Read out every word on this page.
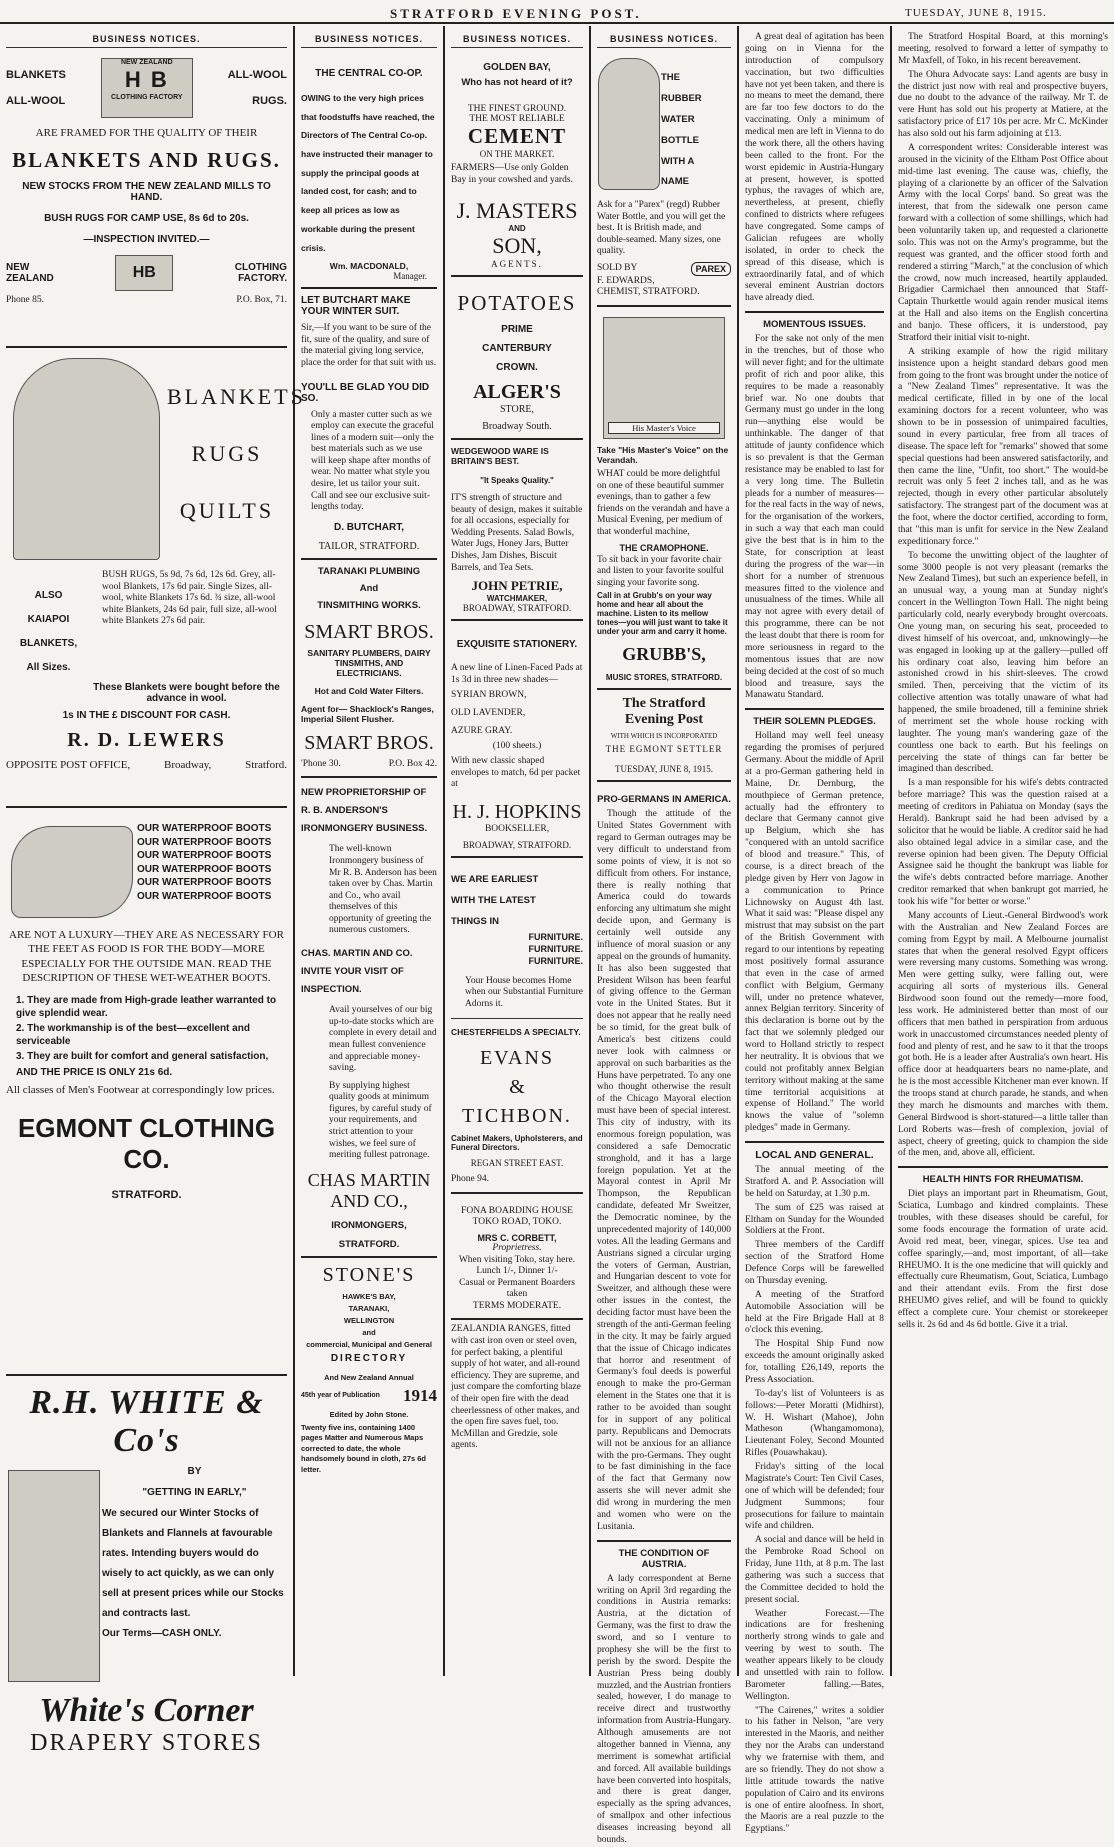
STRATFORD EVENING POST.	TUESDAY, JUNE 8, 1915.
BUSINESS NOTICES.
BLANKETS
ALL-WOOL
NEW ZEALAND
H B
CLOTHING FACTORY
ALL-WOOL
RUGS.
ARE FRAMED FOR THE QUALITY OF THEIR
BLANKETS AND RUGS.
NEW STOCKS FROM THE NEW ZEALAND MILLS TO HAND.
BUSH RUGS FOR CAMP USE, 8s 6d to 20s.
—INSPECTION INVITED.—
NEW
ZEALAND	HB	CLOTHING
FACTORY.
Phone 85.	P.O. Box, 71.
BLANKETS
RUGS
QUILTS
ALSO
KAIAPOI
BLANKETS,
All Sizes.
BUSH RUGS, 5s 9d, 7s 6d, 12s 6d. Grey, all-wool Blankets, 17s 6d pair. Single Sizes, all-wool, white Blankets 17s 6d. ¾ size, all-wool white Blankets, 24s 6d pair, full size, all-wool white Blankets 27s 6d pair.
These Blankets were bought before the advance in wool.
1s IN THE £ DISCOUNT FOR CASH.
R. D. LEWERS
OPPOSITE POST OFFICE,	Broadway,	Stratford.
OUR WATERPROOF BOOTS
OUR WATERPROOF BOOTS
OUR WATERPROOF BOOTS
OUR WATERPROOF BOOTS
OUR WATERPROOF BOOTS
OUR WATERPROOF BOOTS
ARE NOT A LUXURY—THEY ARE AS NECESSARY FOR THE FEET AS FOOD IS FOR THE BODY—MORE ESPECIALLY FOR THE OUTSIDE MAN. READ THE DESCRIPTION OF THESE WET-WEATHER BOOTS.
1. They are made from High-grade leather warranted to give splendid wear.
2. The workmanship is of the best—excellent and serviceable
3. They are built for comfort and general satisfaction,
AND THE PRICE IS ONLY 21s 6d.
All classes of Men's Footwear at correspondingly low prices.
EGMONT CLOTHING CO.
STRATFORD.
R.H. WHITE & Co's
BY
"GETTING IN EARLY,"
We secured our Winter Stocks of Blankets and Flannels at favourable rates. Intending buyers would do wisely to act quickly, as we can only sell at present prices while our Stocks and contracts last.
Our Terms—CASH ONLY.
White's Corner
DRAPERY STORES
BUSINESS NOTICES.
THE CENTRAL CO-OP.
OWING to the very high prices that foodstuffs have reached, the Directors of The Central Co-op. have instructed their manager to supply the principal goods at landed cost, for cash; and to keep all prices as low as workable during the present crisis.
Wm. MACDONALD,
Manager.
LET BUTCHART MAKE YOUR WINTER SUIT.
Sir,—If you want to be sure of the fit, sure of the quality, and sure of the material giving long service, place the order for that suit with us.
YOU'LL BE GLAD YOU DID SO.
Only a master cutter such as we employ can execute the graceful lines of a modern suit—only the best materials such as we use will keep shape after months of wear. No matter what style you desire, let us tailor your suit. Call and see our exclusive suit-lengths today.
D. BUTCHART,
TAILOR, STRATFORD.
TARANAKI PLUMBING
And
TINSMITHING WORKS.
SMART BROS.
SANITARY PLUMBERS, DAIRY TINSMITHS, AND ELECTRICIANS.
Hot and Cold Water Filters.
Agent for— Shacklock's Ranges, Imperial Silent Flusher.
SMART BROS.
'Phone 30.	P.O. Box 42.
NEW PROPRIETORSHIP OF R. B. ANDERSON'S IRONMONGERY BUSINESS.
The well-known Ironmongery business of Mr R. B. Anderson has been taken over by Chas. Martin and Co., who avail themselves of this opportunity of greeting the numerous customers.
CHAS. MARTIN AND CO. INVITE YOUR VISIT OF INSPECTION.
Avail yourselves of our big up-to-date stocks which are complete in every detail and mean fullest convenience and appreciable money-saving.
By supplying highest quality goods at minimum figures, by careful study of your requirements, and strict attention to your wishes, we feel sure of meriting fullest patronage.
CHAS MARTIN AND CO.,
IRONMONGERS,
STRATFORD.
STONE'S
HAWKE'S BAY,
TARANAKI,
WELLINGTON
and
commercial, Municipal and General
DIRECTORY
And New Zealand Annual
45th year of Publication 1914
Edited by John Stone.
Twenty five ins, containing 1400 pages Matter and Numerous Maps corrected to date, the whole handsomely bound in cloth, 27s 6d letter.
BUSINESS NOTICES.
GOLDEN BAY,
Who has not heard of it?
THE FINEST GROUND.
THE MOST RELIABLE
CEMENT
ON THE MARKET.
FARMERS—Use only Golden Bay in your cowshed and yards.
J. MASTERS
AND
SON,
AGENTS.
POTATOES
PRIME
CANTERBURY
CROWN.
ALGER'S
STORE,
Broadway South.
WEDGEWOOD WARE IS BRITAIN'S BEST.
"It Speaks Quality."
IT'S strength of structure and beauty of design, makes it suitable for all occasions, especially for Wedding Presents. Salad Bowls, Water Jugs, Honey Jars, Butter Dishes, Jam Dishes, Biscuit Barrels, and Tea Sets.
JOHN PETRIE,
WATCHMAKER,
BROADWAY, STRATFORD.
EXQUISITE STATIONERY.
A new line of Linen-Faced Pads at 1s 3d in three new shades—
SYRIAN BROWN,
OLD LAVENDER,
AZURE GRAY.
(100 sheets.)
With new classic shaped envelopes to match, 6d per packet at
H. J. HOPKINS
BOOKSELLER,
BROADWAY, STRATFORD.
WE ARE EARLIEST
WITH THE LATEST
THINGS IN
FURNITURE.
FURNITURE.
FURNITURE.
Your House becomes Home when our Substantial Furniture Adorns it.
CHESTERFIELDS A SPECIALTY.
EVANS
&
TICHBON.
Cabinet Makers, Upholsterers, and Funeral Directors.
REGAN STREET EAST.
Phone 94.
FONA BOARDING HOUSE TOKO ROAD, TOKO.
MRS C. CORBETT,
Proprietress.
When visiting Toko, stay here. Lunch 1/-, Dinner 1/-
Casual or Permanent Boarders taken
TERMS MODERATE.
ZEALANDIA RANGES, fitted with cast iron oven or steel oven, for perfect baking, a plentiful supply of hot water, and all-round efficiency. They are supreme, and just compare the comforting blaze of their open fire with the dead cheerlessness of other makes, and the open fire saves fuel, too. McMillan and Gredzie, sole agents.
BUSINESS NOTICES.
THE
RUBBER
WATER
BOTTLE
WITH A
NAME
Ask for a "Parex" (regd) Rubber Water Bottle, and you will get the best. It is British made, and double-seamed. Many sizes, one quality.
SOLD BY	PAREX
F. EDWARDS,
CHEMIST, STRATFORD.
His Master's Voice
Take "His Master's Voice" on the Verandah.
WHAT could be more delightful on one of these beautiful summer evenings, than to gather a few friends on the verandah and have a Musical Evening, per medium of that wonderful machine,
THE CRAMOPHONE.
To sit back in your favorite chair and listen to your favorite soulful singing your favorite song.
Call in at Grubb's on your way home and hear all about the machine. Listen to its mellow tones—you will just want to take it under your arm and carry it home.
GRUBB'S,
MUSIC STORES, STRATFORD.
The Stratford Evening Post
WITH WHICH IS INCORPORATED
THE EGMONT SETTLER
TUESDAY, JUNE 8, 1915.
PRO-GERMANS IN AMERICA.

Though the attitude of the United States Government with regard to German outrages may be very difficult to understand from some points of view, it is not so difficult from others. For instance, there is really nothing that America could do towards enforcing any ultimatum she might decide upon, and Germany is certainly well outside any influence of moral suasion or any appeal on the grounds of humanity. It has also been suggested that President Wilson has been fearful of giving offence to the German vote in the United States. But it does not appear that he really need be so timid, for the great bulk of America's best citizens could never look with calmness or approval on such barbarities as the Huns have perpetrated. To any one who thought otherwise the result of the Chicago Mayoral election must have been of special interest. This city of industry, with its enormous foreign population, was considered a safe Democratic stronghold, and it has a large foreign population. Yet at the Mayoral contest in April Mr Thompson, the Republican candidate, defeated Mr Sweitzer, the Democratic nominee, by the unprecedented majority of 140,000 votes. All the leading Germans and Austrians signed a circular urging the voters of German, Austrian, and Hungarian descent to vote for Sweitzer, and although these were other issues in the contest, the deciding factor must have been the strength of the anti-German feeling in the city. It may be fairly argued that the issue of Chicago indicates that horror and resentment of Germany's foul deeds is powerful enough to make the pro-German element in the States one that it is rather to be avoided than sought for in support of any political party. Republicans and Democrats will not be anxious for an alliance with the pro-Germans. They ought to be fast diminishing in the face of the fact that Germany now asserts she will never admit she did wrong in murdering the men and women who were on the Lusitania.

THE CONDITION OF AUSTRIA.

A lady correspondent at Berne writing on April 3rd regarding the conditions in Austria remarks: Austria, at the dictation of Germany, was the first to draw the sword, and so I venture to prophesy she will be the first to perish by the sword. Despite the Austrian Press being doubly muzzled, and the Austrian frontiers sealed, however, I do manage to receive direct and trustworthy information from Austria-Hungary. Although amusements are not altogether banned in Vienna, any merriment is somewhat artificial and forced. All available buildings have been converted into hospitals, and there is great danger, especially as the spring advances, of smallpox and other infectious diseases increasing beyond all bounds.

A great deal of agitation has been going on in Vienna for the introduction of compulsory vaccination, but two difficulties have not yet been taken, and there is no means to meet the demand, there are far too few doctors to do the vaccinating. Only a minimum of medical men are left in Vienna to do the work there, all the others having been called to the front. For the worst epidemic in Austria-Hungary at present, however, is spotted typhus, the ravages of which are, nevertheless, at present, chiefly confined to districts where refugees have congregated. Some camps of Galician refugees are wholly isolated, in order to check the spread of this disease, which is extraordinarily fatal, and of which several eminent Austrian doctors have already died.

MOMENTOUS ISSUES.

For the sake not only of the men in the trenches, but of those who will never fight; and for the ultimate profit of rich and poor alike, this requires to be made a reasonably brief war. No one doubts that Germany must go under in the long run—anything else would be unthinkable. The danger of that attitude of jaunty confidence which is so prevalent is that the German resistance may be enabled to last for a very long time. The Bulletin pleads for a number of measures—for the real facts in the way of news, for the organisation of the workers, in such a way that each man could give the best that is in him to the State, for conscription at least during the progress of the war—in short for a number of strenuous measures fitted to the violence and unusualness of the times. While all may not agree with every detail of this programme, there can be not the least doubt that there is room for more seriousness in regard to the momentous issues that are now being decided at the cost of so much blood and treasure, says the Manawatu Standard.

THEIR SOLEMN PLEDGES.

Holland may well feel uneasy regarding the promises of perjured Germany. About the middle of April at a pro-German gathering held in Maine, Dr. Dernburg, the mouthpiece of German pretence, actually had the effrontery to declare that Germany cannot give up Belgium, which she has "conquered with an untold sacrifice of blood and treasure." This, of course, is a direct breach of the pledge given by Herr von Jagow in a communication to Prince Lichnowsky on August 4th last. What it said was: "Please dispel any mistrust that may subsist on the part of the British Government with regard to our intentions by repeating most positively formal assurance that even in the case of armed conflict with Belgium, Germany will, under no pretence whatever, annex Belgian territory. Sincerity of this declaration is borne out by the fact that we solemnly pledged our word to Holland strictly to respect her neutrality. It is obvious that we could not profitably annex Belgian territory without making at the same time territorial acquisitions at expense of Holland." The world knows the value of "solemn pledges" made in Germany.

LOCAL AND GENERAL.

The annual meeting of the Stratford A. and P. Association will be held on Saturday, at 1.30 p.m.

The sum of £25 was raised at Eltham on Sunday for the Wounded Soldiers at the Front.

Three members of the Cardiff section of the Stratford Home Defence Corps will be farewelled on Thursday evening.

A meeting of the Stratford Automobile Association will be held at the Fire Brigade Hall at 8 o'clock this evening.

The Hospital Ship Fund now exceeds the amount originally asked for, totalling £26,149, reports the Press Association.

To-day's list of Volunteers is as follows:—Peter Moratti (Midhirst), W. H. Wishart (Mahoe), John Matheson (Whangamomona), Lieutenant Foley, Second Mounted Rifles (Pouawhakau).

Friday's sitting of the local Magistrate's Court: Ten Civil Cases, one of which will be defended; four Judgment Summons; four prosecutions for failure to maintain wife and children.

A social and dance will be held in the Pembroke Road School on Friday, June 11th, at 8 p.m. The last gathering was such a success that the Committee decided to hold the present social.

Weather Forecast.—The indications are for freshening northerly strong winds to gale and veering by west to south. The weather appears likely to be cloudy and unsettled with rain to follow. Barometer falling.—Bates, Wellington.

"The Cairenes," writes a soldier to his father in Nelson, "are very interested in the Maoris, and neither they nor the Arabs can understand why we fraternise with them, and are so friendly. They do not show a little attitude towards the native population of Cairo and its environs is one of entire aloofness. In short, the Maoris are a real puzzle to the Egyptians."

The Stratford Hospital Board, at this morning's meeting, resolved to forward a letter of sympathy to Mr Maxfell, of Toko, in his recent bereavement.

The Ohura Advocate says: Land agents are busy in the district just now with real and prospective buyers, due no doubt to the advance of the railway. Mr T. de vere Hunt has sold out his property at Matiere, at the satisfactory price of £17 10s per acre. Mr C. McKinder has also sold out his farm adjoining at £13.

A correspondent writes: Considerable interest was aroused in the vicinity of the Eltham Post Office about mid-time last evening. The cause was, chiefly, the playing of a clarionette by an officer of the Salvation Army with the local Corps' band. So great was the interest, that from the sidewalk one person came forward with a collection of some shillings, which had been voluntarily taken up, and requested a clarionette solo. This was not on the Army's programme, but the request was granted, and the officer stood forth and rendered a stirring "March," at the conclusion of which the crowd, now much increased, heartily applauded. Brigadier Carmichael then announced that Staff-Captain Thurkettle would again render musical items at the Hall and also items on the English concertina and banjo. These officers, it is understood, pay Stratford their initial visit to-night.

A striking example of how the rigid military insistence upon a height standard debars good men from going to the front was brought under the notice of a "New Zealand Times" representative. It was the medical certificate, filled in by one of the local examining doctors for a recent volunteer, who was shown to be in possession of unimpaired faculties, sound in every particular, free from all traces of disease. The space left for "remarks" showed that some special questions had been answered satisfactorily, and then came the line, "Unfit, too short." The would-be recruit was only 5 feet 2 inches tall, and as he was rejected, though in every other particular absolutely satisfactory. The strangest part of the document was at the foot, where the doctor certified, according to form, that "this man is unfit for service in the New Zealand expeditionary force."

To become the unwitting object of the laughter of some 3000 people is not very pleasant (remarks the New Zealand Times), but such an experience befell, in an unusual way, a young man at Sunday night's concert in the Wellington Town Hall. The night being particularly cold, nearly everybody brought overcoats. One young man, on securing his seat, proceeded to divest himself of his overcoat, and, unknowingly—he was engaged in looking up at the gallery—pulled off his ordinary coat also, leaving him before an astonished crowd in his shirt-sleeves. The crowd smiled. Then, perceiving that the victim of its collective attention was totally unaware of what had happened, the smile broadened, till a feminine shriek of merriment set the whole house rocking with laughter. The young man's wandering gaze of the countless one back to earth. But his feelings on perceiving the state of things can far better be imagined than described.

Is a man responsible for his wife's debts contracted before marriage? This was the question raised at a meeting of creditors in Pahiatua on Monday (says the Herald). Bankrupt said he had been advised by a solicitor that he would be liable. A creditor said he had also obtained legal advice in a similar case, and the reverse opinion had been given. The Deputy Official Assignee said he thought the bankrupt was liable for the wife's debts contracted before marriage. Another creditor remarked that when bankrupt got married, he took his wife "for better or worse."

Many accounts of Lieut.-General Birdwood's work with the Australian and New Zealand Forces are coming from Egypt by mail. A Melbourne journalist states that when the general resolved Egypt officers were reversing many customs. Something was wrong. Men were getting sulky, were falling out, were acquiring all sorts of mysterious ills. General Birdwood soon found out the remedy—more food, less work. He administered better than most of our officers that men bathed in perspiration from arduous work in unaccustomed circumstances needed plenty of food and plenty of rest, and he saw to it that the troops got both. He is a leader after Australia's own heart. His office door at headquarters bears no name-plate, and he is the most accessible Kitchener man ever known. If the troops stand at church parade, he stands, and when they march he dismounts and marches with them. General Birdwood is short-statured—a little taller than Lord Roberts was—fresh of complexion, jovial of aspect, cheery of greeting, quick to champion the side of the men, and, above all, efficient.

HEALTH HINTS FOR RHEUMATISM.

Diet plays an important part in Rheumatism, Gout, Sciatica, Lumbago and kindred complaints. These troubles, with these diseases should be careful, for some foods encourage the formation of urate acid. Avoid red meat, beer, vinegar, spices. Use tea and coffee sparingly,—and, most important, of all—take RHEUMO. It is the one medicine that will quickly and effectually cure Rheumatism, Gout, Sciatica, Lumbago and their attendant evils. From the first dose RHEUMO gives relief, and will be found to quickly effect a complete cure. Your chemist or storekeeper sells it. 2s 6d and 4s 6d bottle. Give it a trial.
